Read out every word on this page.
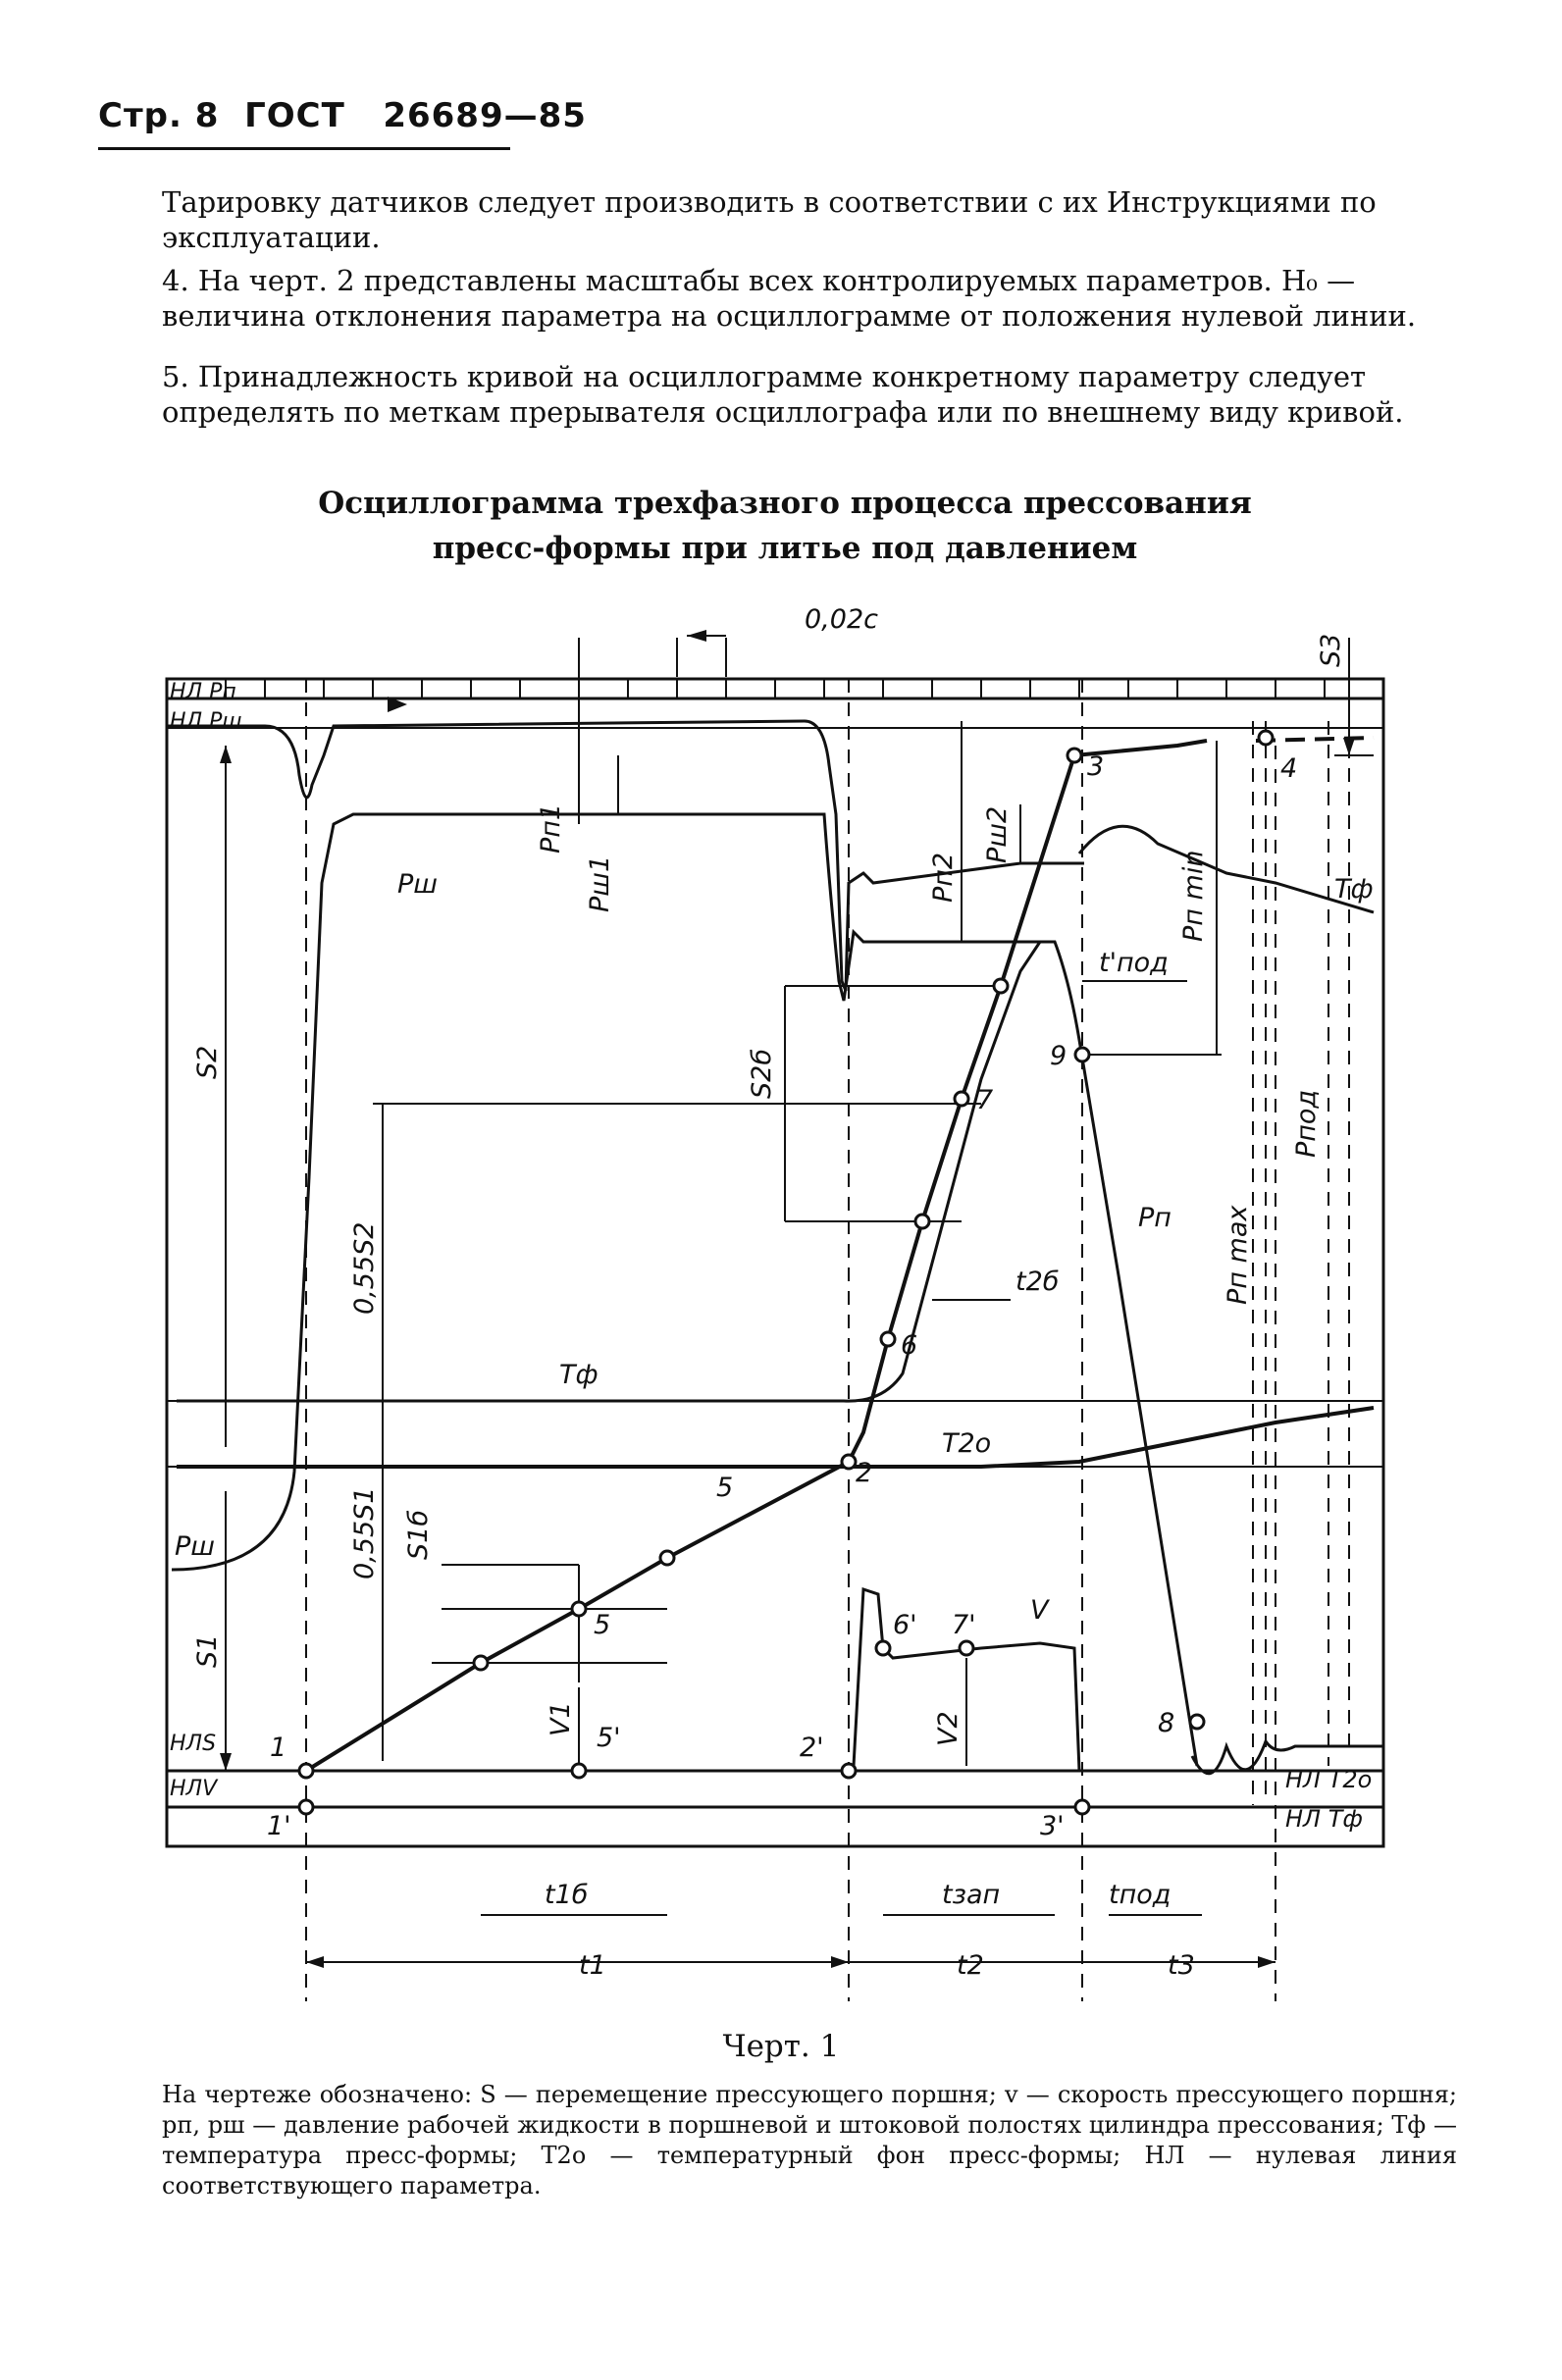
Стр. 8 ГОСТ 26689—85
Тарировку датчиков следует производить в соответствии с их Инструкциями по эксплуатации.
4. На черт. 2 представлены масштабы всех контролируемых параметров. H₀ — величина отклонения параметра на осциллограмме от положения нулевой линии.
5. Принадлежность кривой на осциллограмме конкретному параметру следует определять по меткам прерывателя осциллографа или по внешнему виду кривой.
Осциллограмма трехфазного процесса прессования
пресс-формы при литье под давлением
0,02с
НЛ Pп
НЛ Pш
НЛS
НЛV	НЛ T2о
НЛ Tф
Pш
Pш
Pп
Pп1
Pш1	Pп2
Pш2
Pп min
Pп max
Pпод
Tф
Tф
T2о
V
V1	V2
S1
S2
S3
S1б
S2б
0,55S2
0,55S1
t'под
t2б
t1б	tзап	tпод
t1	t2	t3
1
1'
2
2'
3
3'
4
5
5
5'
6
6'
7
7'
8
9
Черт. 1
На чертеже обозначено: S — перемещение прессующего поршня; v — скорость прессующего поршня; pп, pш — давление рабочей жидкости в поршневой и штоковой полостях цилиндра прессования; Tф — температура пресс-формы; T2о — температурный фон пресс-формы; НЛ — нулевая линия соответствующего параметра.
